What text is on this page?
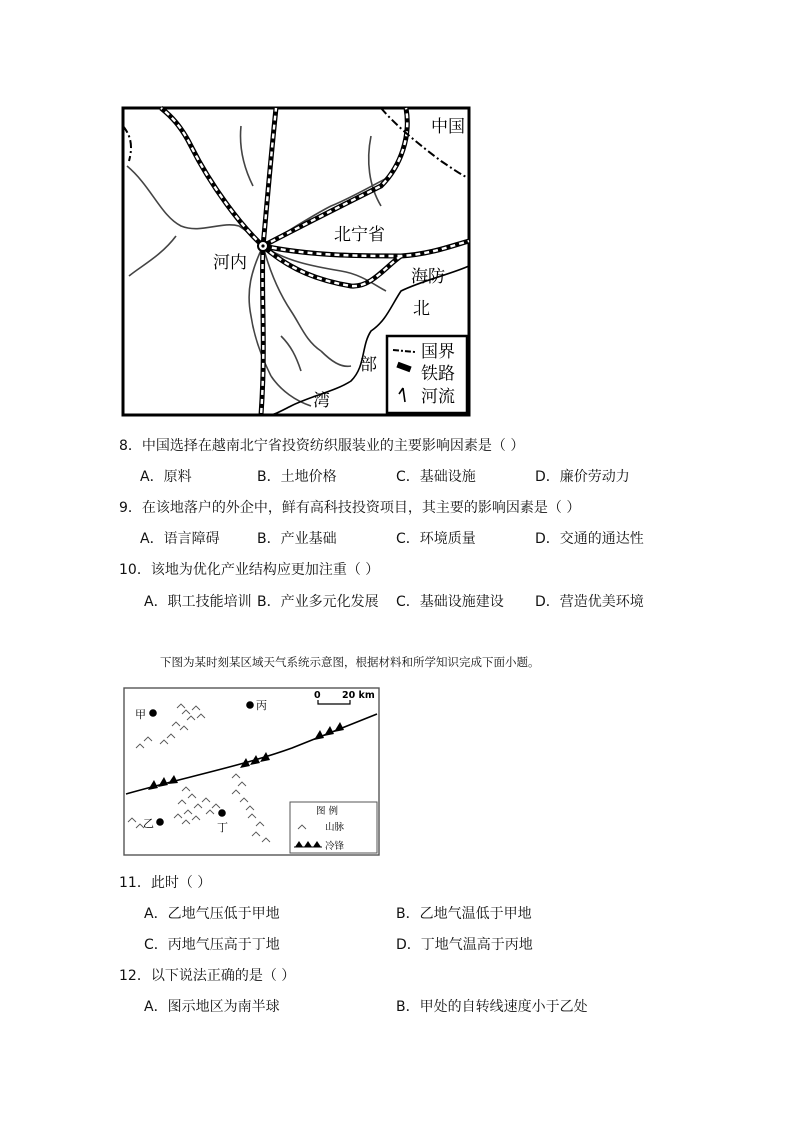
中国
北宁省
河内
海防
北
部
湾
国界
铁路
河流
8．中国选择在越南北宁省投资纺织服装业的主要影响因素是（ ）
A．原料	B．土地价格	C．基础设施	D．廉价劳动力
9．在该地落户的外企中，鲜有高科技投资项目，其主要的影响因素是（ ）
A．语言障碍	B．产业基础	C．环境质量	D．交通的通达性
10．该地为优化产业结构应更加注重（ ）
A．职工技能培训 B．产业多元化发展 C．基础设施建设 D．营造优美环境
下图为某时刻某区域天气系统示意图，根据材料和所学知识完成下面小题。
甲
丙
乙	丁
0 20 km
图 例
山脉
冷锋
11．此时（ ）
A．乙地气压低于甲地	B．乙地气温低于甲地
C．丙地气压高于丁地	D．丁地气温高于丙地
12．以下说法正确的是（ ）
A．图示地区为南半球	B．甲处的自转线速度小于乙处
